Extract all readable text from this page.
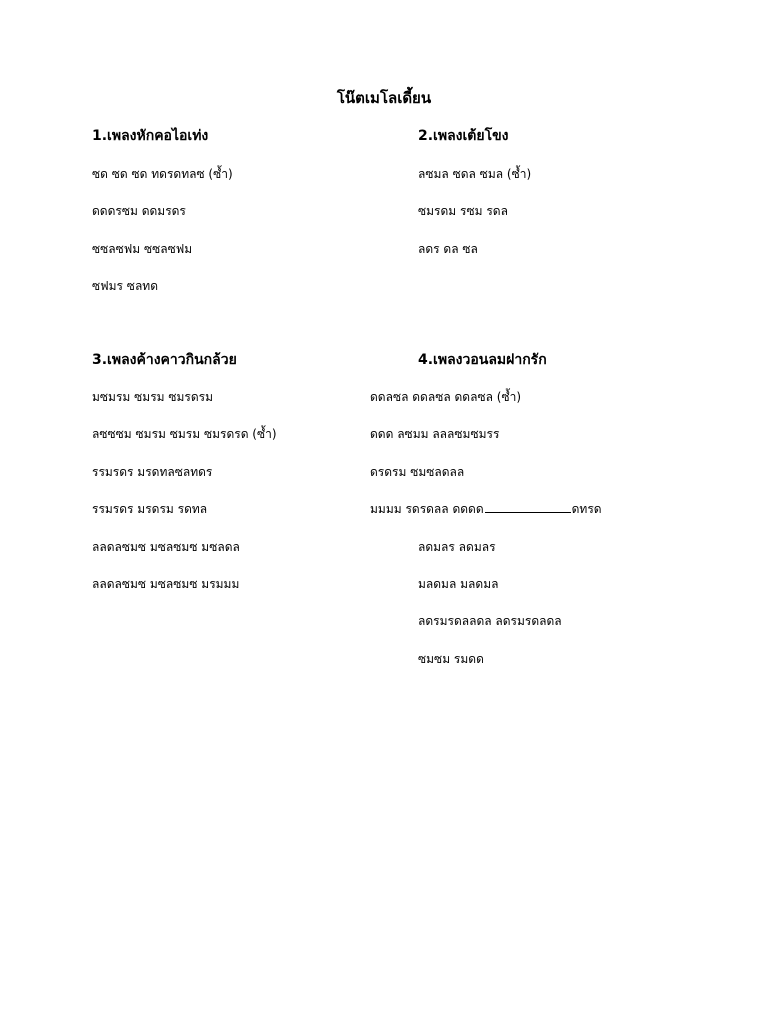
โน๊ตเมโลเดี้ยน
1.เพลงหักคอไอเท่ง
ซด ซด ซด ทดรดทลซ (ซ้ำ)
ดดดรซม ดดมรดร
ซซลซฟม ซซลซฟม
ซฟมร ซลทด
2.เพลงเต้ยโขง
ลซมล ซดล ซมล (ซ้ำ)
ซมรดม รซม รดล
ลดร ดล ซล
3.เพลงค้างคาวกินกล้วย
มซมรม ซมรม ซมรดรม
ลซซซม ซมรม ซมรม ซมรดรด (ซ้ำ)
รรมรดร มรดทลซลทดร
รรมรดร มรดรม รดทล
ลลดลซมซ มซลซมซ มซลดล
ลลดลซมซ มซลซมซ มรมมม
4.เพลงวอนลมฝากรัก
ดดลซล ดดลซล ดดลซล (ซ้ำ)
ดดด ลซมม ลลลซมซมรร
ดรดรม ซมซลดลล
มมมม รดรดลล ดดดด	ดทรด
ลดมลร ลดมลร
มลดมล มลดมล
ลดรมรดลลดล ลดรมรดลดล
ซมซม รมดด
